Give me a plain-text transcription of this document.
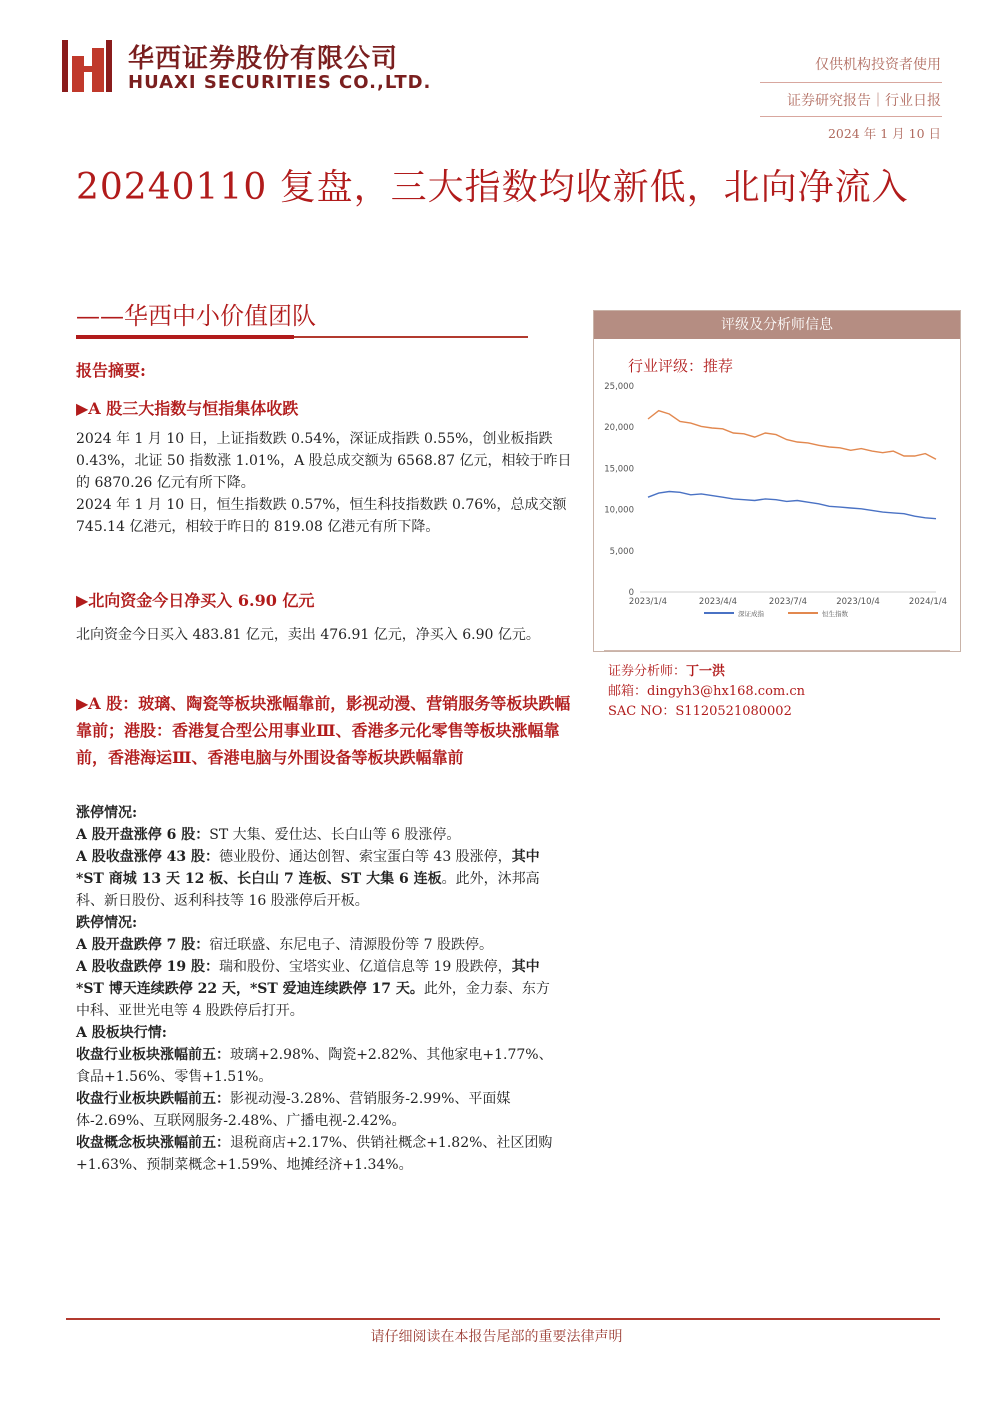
华西证券股份有限公司
HUAXI SECURITIES CO.,LTD.
仅供机构投资者使用
证券研究报告｜行业日报
2024 年 1 月 10 日
20240110 复盘，三大指数均收新低，北向净流入
——华西中小价值团队
报告摘要:
▶A 股三大指数与恒指集体收跌
2024 年 1 月 10 日，上证指数跌 0.54%，深证成指跌 0.55%，创业板指跌 0.43%，北证 50 指数涨 1.01%，A 股总成交额为 6568.87 亿元，相较于昨日的 6870.26 亿元有所下降。
2024 年 1 月 10 日，恒生指数跌 0.57%，恒生科技指数跌 0.76%，总成交额 745.14 亿港元，相较于昨日的 819.08 亿港元有所下降。
▶北向资金今日净买入 6.90 亿元
北向资金今日买入 483.81 亿元，卖出 476.91 亿元，净买入 6.90 亿元。
▶A 股：玻璃、陶瓷等板块涨幅靠前，影视动漫、营销服务等板块跌幅靠前；港股：香港复合型公用事业Ⅲ、香港多元化零售等板块涨幅靠前，香港海运Ⅲ、香港电脑与外围设备等板块跌幅靠前
涨停情况:
A 股开盘涨停 6 股：ST 大集、爱仕达、长白山等 6 股涨停。
A 股收盘涨停 43 股：德业股份、通达创智、索宝蛋白等 43 股涨停，其中*ST 商城 13 天 12 板、长白山 7 连板、ST 大集 6 连板。此外，沐邦高科、新日股份、返利科技等 16 股涨停后开板。
跌停情况:
A 股开盘跌停 7 股：宿迁联盛、东尼电子、清源股份等 7 股跌停。
A 股收盘跌停 19 股：瑞和股份、宝塔实业、亿道信息等 19 股跌停，其中*ST 博天连续跌停 22 天，*ST 爱迪连续跌停 17 天。此外，金力泰、东方中科、亚世光电等 4 股跌停后打开。
A 股板块行情:
收盘行业板块涨幅前五：玻璃+2.98%、陶瓷+2.82%、其他家电+1.77%、食品+1.56%、零售+1.51%。
收盘行业板块跌幅前五：影视动漫-3.28%、营销服务-2.99%、平面媒体-2.69%、互联网服务-2.48%、广播电视-2.42%。
收盘概念板块涨幅前五：退税商店+2.17%、供销社概念+1.82%、社区团购+1.63%、预制菜概念+1.59%、地摊经济+1.34%。
评级及分析师信息
行业评级：推荐
0
5,000
10,000
15,000
20,000
25,000
2023/1/4	2023/4/4	2023/7/4	2023/10/4	2024/1/4
深证成指	恒生指数
证券分析师：丁一洪
邮箱：dingyh3@hx168.com.cn
SAC NO：S1120521080002
请仔细阅读在本报告尾部的重要法律声明
